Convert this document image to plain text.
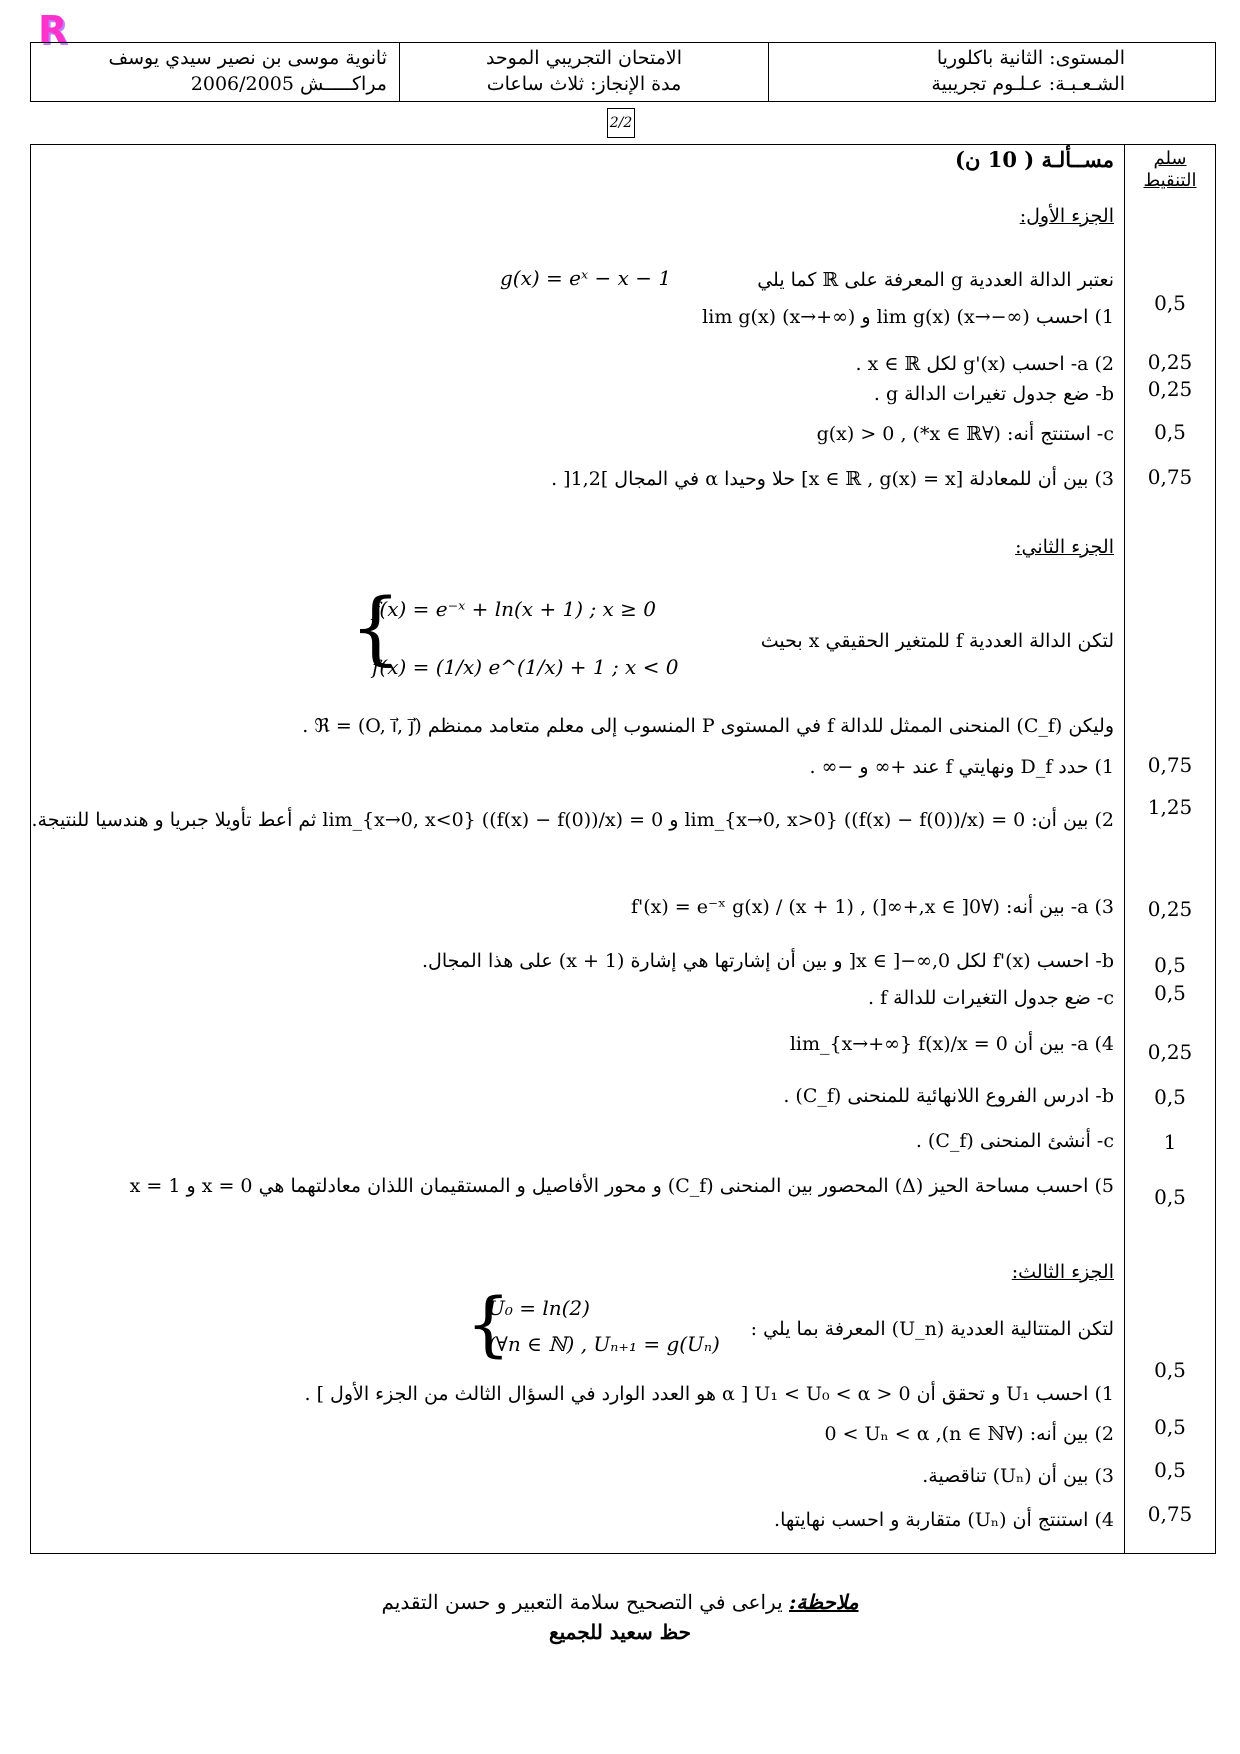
R
ثانوية موسى بن نصير سيدي يوسف
مراكـــــش 2006/2005
الامتحان التجريبي الموحد
مدة الإنجاز: ثلاث ساعات
المستوى: الثانية باكلوريا
الشـعـبـة: عـلـوم تجريبية
2/2
سلم التنقيط
مســألـة ( 10 ن)
الجزء الأول:
نعتبر الدالة العددية g المعرفة على ℝ كما يلي
g(x) = eˣ − x − 1
1) احسب lim g(x) (x→−∞) و lim g(x) (x→+∞)
2) a- احسب g'(x) لكل x ∈ ℝ .
b- ضع جدول تغيرات الدالة g .
c- استنتج أنه: (∀x ∈ ℝ*) , g(x) > 0
3) بين أن للمعادلة [x ∈ ℝ , g(x) = x] حلا وحيدا α في المجال ]1,2[ .
الجزء الثاني:
لتكن الدالة العددية f للمتغير الحقيقي x بحيث
{
f(x) = e⁻ˣ + ln(x + 1) ; x ≥ 0
f(x) = (1/x) e^(1/x) + 1 ; x < 0
وليكن (C_f) المنحنى الممثل للدالة f في المستوى P المنسوب إلى معلم متعامد ممنظم ℜ = (O, i⃗, j⃗) .
1) حدد D_f ونهايتي f عند +∞ و −∞ .
2) بين أن: lim_{x→0, x>0} ((f(x) − f(0))/x) = 0 و lim_{x→0, x<0} ((f(x) − f(0))/x) = 0 ثم أعط تأويلا جبريا و هندسيا للنتيجة.
3) a- بين أنه: (∀x ∈ ]0,+∞[) , f'(x) = e⁻ˣ g(x) / (x + 1)
b- احسب f'(x) لكل x ∈ ]−∞,0[ و بين أن إشارتها هي إشارة (x + 1) على هذا المجال.
c- ضع جدول التغيرات للدالة f .
4) a- بين أن lim_{x→+∞} f(x)/x = 0
b- ادرس الفروع اللانهائية للمنحنى (C_f) .
c- أنشئ المنحنى (C_f) .
5) احسب مساحة الحيز (Δ) المحصور بين المنحنى (C_f) و محور الأفاصيل و المستقيمان اللذان معادلتهما هي x = 0 و x = 1
الجزء الثالث:
لتكن المتتالية العددية (U_n) المعرفة بما يلي :
{
U₀ = ln(2)
(∀n ∈ ℕ) , Uₙ₊₁ = g(Uₙ)
1) احسب U₁ و تحقق أن 0 < U₁ < U₀ < α [ α هو العدد الوارد في السؤال الثالث من الجزء الأول ] .
2) بين أنه: (∀n ∈ ℕ), 0 < Uₙ < α
3) بين أن (Uₙ) تناقصية.
4) استنتج أن (Uₙ) متقاربة و احسب نهايتها.
0,5
0,25
0,25
0,5
0,75
0,75
1,25
0,25
0,5
0,5
0,25
0,5
1
0,5
0,5
0,5
0,5
0,75
ملاحظة: يراعى في التصحيح سلامة التعبير و حسن التقديم
حظ سعيد للجميع
